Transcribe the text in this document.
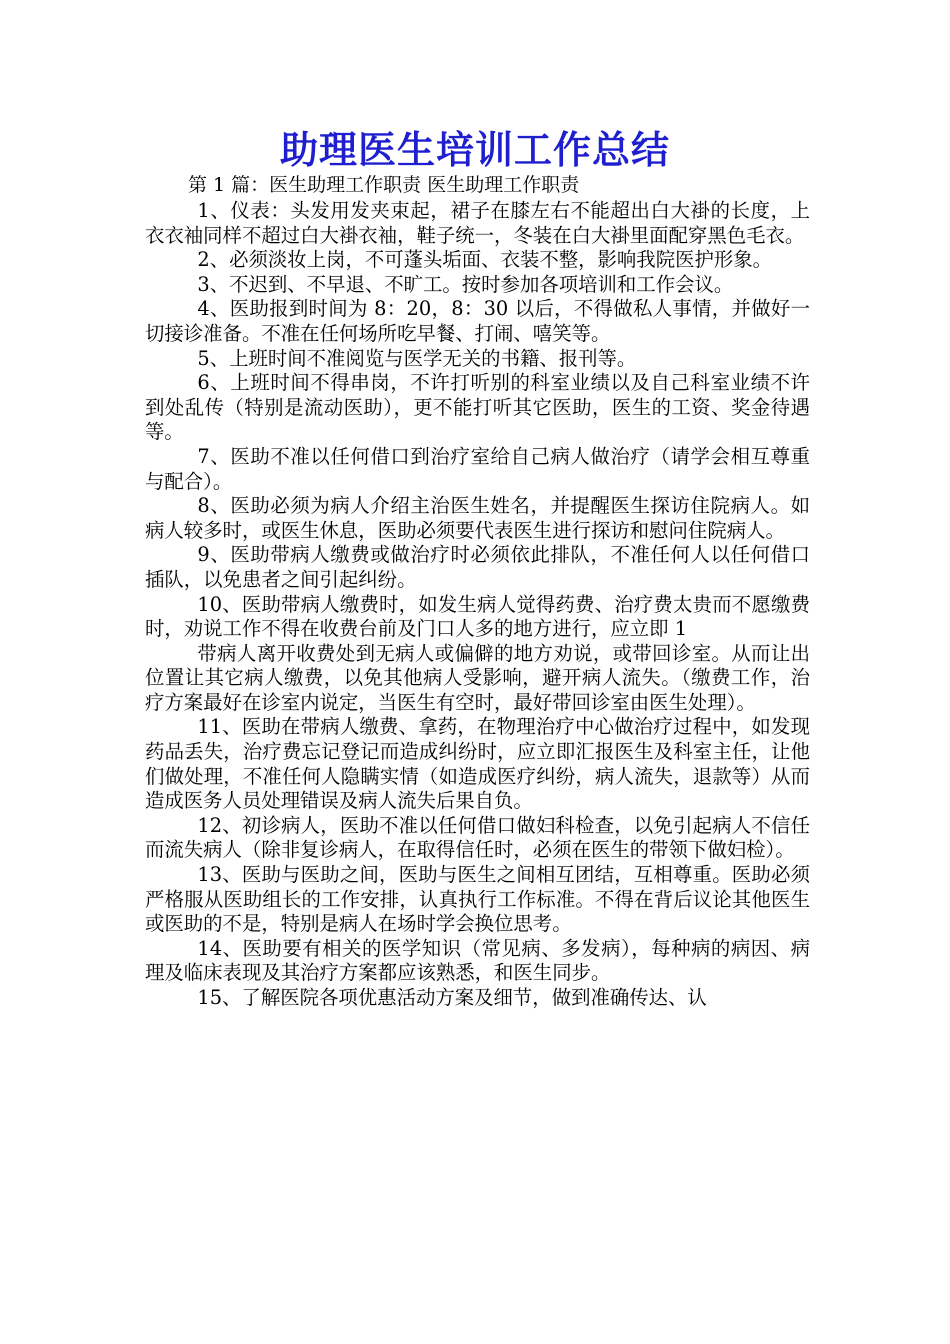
助理医生培训工作总结
第 1 篇：医生助理工作职责 医生助理工作职责

1、仪表：头发用发夹束起，裙子在膝左右不能超出白大褂的长度，上衣衣袖同样不超过白大褂衣袖，鞋子统一，冬装在白大褂里面配穿黑色毛衣。

2、必须淡妆上岗，不可蓬头垢面、衣装不整，影响我院医护形象。

3、不迟到、不早退、不旷工。按时参加各项培训和工作会议。

4、医助报到时间为 8：20，8：30 以后，不得做私人事情，并做好一切接诊准备。不准在任何场所吃早餐、打闹、嘻笑等。

5、上班时间不准阅览与医学无关的书籍、报刊等。

6、上班时间不得串岗，不许打听别的科室业绩以及自己科室业绩不许到处乱传（特别是流动医助），更不能打听其它医助，医生的工资、奖金待遇等。

7、医助不准以任何借口到治疗室给自己病人做治疗（请学会相互尊重与配合）。

8、医助必须为病人介绍主治医生姓名，并提醒医生探访住院病人。如病人较多时，或医生休息，医助必须要代表医生进行探访和慰问住院病人。

9、医助带病人缴费或做治疗时必须依此排队，不准任何人以任何借口插队，以免患者之间引起纠纷。

10、医助带病人缴费时，如发生病人觉得药费、治疗费太贵而不愿缴费时，劝说工作不得在收费台前及门口人多的地方进行，应立即 1

带病人离开收费处到无病人或偏僻的地方劝说，或带回诊室。从而让出位置让其它病人缴费，以免其他病人受影响，避开病人流失。（缴费工作，治疗方案最好在诊室内说定，当医生有空时，最好带回诊室由医生处理）。

11、医助在带病人缴费、拿药，在物理治疗中心做治疗过程中，如发现药品丢失，治疗费忘记登记而造成纠纷时，应立即汇报医生及科室主任，让他们做处理，不准任何人隐瞒实情（如造成医疗纠纷，病人流失，退款等）从而造成医务人员处理错误及病人流失后果自负。

12、初诊病人，医助不准以任何借口做妇科检查，以免引起病人不信任而流失病人（除非复诊病人，在取得信任时，必须在医生的带领下做妇检）。

13、医助与医助之间，医助与医生之间相互团结，互相尊重。医助必须严格服从医助组长的工作安排，认真执行工作标准。不得在背后议论其他医生或医助的不是，特别是病人在场时学会换位思考。

14、医助要有相关的医学知识（常见病、多发病），每种病的病因、病理及临床表现及其治疗方案都应该熟悉，和医生同步。

15、了解医院各项优惠活动方案及细节，做到准确传达、认
